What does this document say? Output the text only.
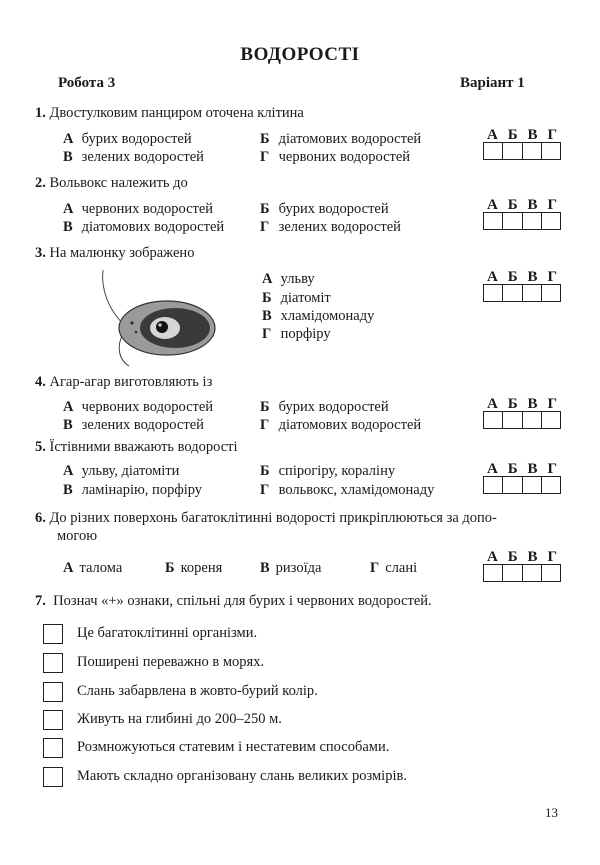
ВОДОРОСТІ
Робота 3	Варіант 1
1. Двостулковим панциром оточена клітина
А бурих водоростей	Б діатомових водоростей
В зелених водоростей	Г червоних водоростей
А Б В Г
2. Вольвокс належить до
А червоних водоростей	Б бурих водоростей
В діатомових водоростей Г зелених водоростей
А Б В Г
3. На малюнку зображено
А ульву
Б діатоміт
В хламідомонаду
Г порфіру
А Б В Г
4. Агар-агар виготовляють із
А червоних водоростей	Б бурих водоростей
В зелених водоростей	Г діатомових водоростей
А Б В Г
5. Їстівними вважають водорості
А ульву, діатоміти	Б спірогіру, кораліну
В ламінарію, порфіру	Г вольвокс, хламідомонаду
А Б В Г
6. До різних поверхонь багатоклітинні водорості прикріплюються за допо-
могою
А талома	Б кореня	В ризоїда	Г слані
А Б В Г
7. Познач «+» ознаки, спільні для бурих і червоних водоростей.
Це багатоклітинні організми.
Поширені переважно в морях.
Слань забарвлена в жовто-бурий колір.
Живуть на глибині до 200–250 м.
Розмножуються статевим і нестатевим способами.
Мають складно організовану слань великих розмірів.
13
